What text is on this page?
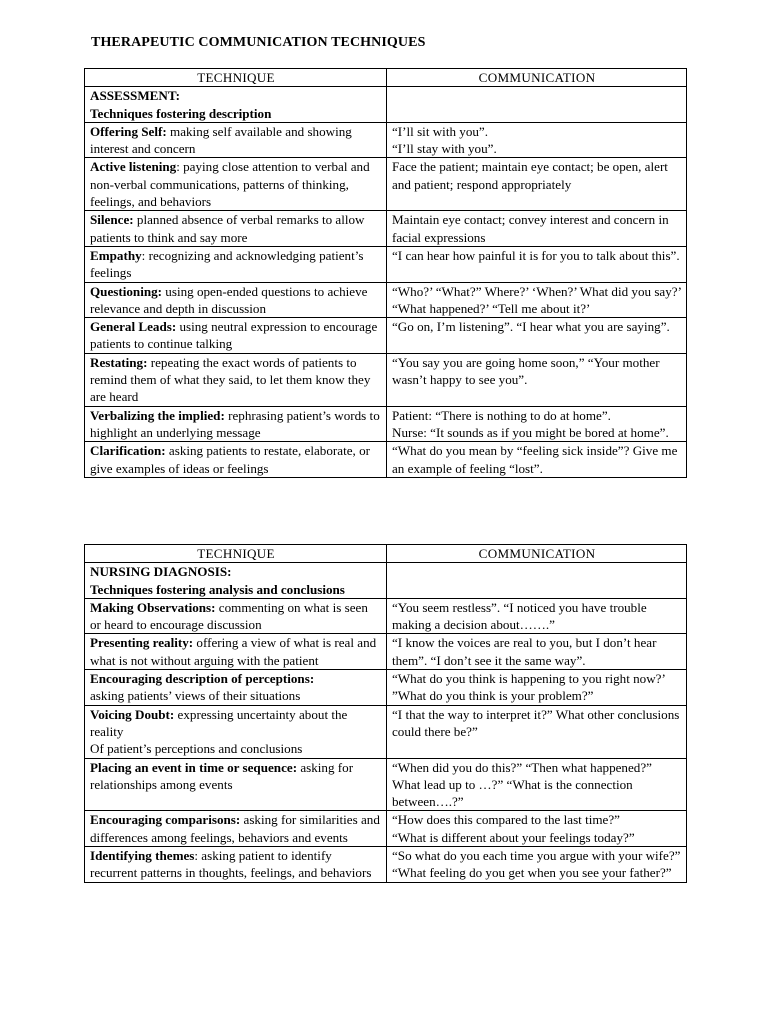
THERAPEUTIC COMMUNICATION TECHNIQUES
TECHNIQUE	COMMUNICATION

ASSESSMENT:
Techniques fostering description	

Offering Self: making self available and showing interest and concern	“I’ll sit with you”.
“I’ll stay with you”.

Active listening: paying close attention to verbal and non-verbal communications, patterns of thinking, feelings, and behaviors	Face the patient; maintain eye contact; be open, alert and patient; respond appropriately
Silence: planned absence of verbal remarks to allow patients to think and say more	Maintain eye contact; convey interest and concern in facial expressions
Empathy: recognizing and acknowledging patient’s feelings	“I can hear how painful it is for you to talk about this”.
Questioning: using open-ended questions to achieve relevance and depth in discussion	“Who?’ “What?” Where?’ ‘When?’ What did you say?’ “What happened?’ “Tell me about it?’
General Leads: using neutral expression to encourage patients to continue talking	“Go on, I’m listening”. “I hear what you are saying”.
Restating: repeating the exact words of patients to remind them of what they said, to let them know they are heard	“You say you are going home soon,” “Your mother wasn’t happy to see you”.
Verbalizing the implied: rephrasing patient’s words to highlight an underlying message	Patient: “There is nothing to do at home”.
Nurse: “It sounds as if you might be bored at home”.

Clarification: asking patients to restate, elaborate, or give examples of ideas or feelings	“What do you mean by “feeling sick inside”? Give me an example of feeling “lost”.
TECHNIQUE	COMMUNICATION

NURSING DIAGNOSIS:
Techniques fostering analysis and conclusions	

Making Observations: commenting on what is seen or heard to encourage discussion	“You seem restless”. “I noticed you have trouble making a decision about…….”
Presenting reality: offering a view of what is real and what is not without arguing with the patient	“I know the voices are real to you, but I don’t hear them”. “I don’t see it the same way”.
Encouraging description of perceptions:
asking patients’ views of their situations	“What do you think is happening to you right now?’ ”What do you think is your problem?”
Voicing Doubt: expressing uncertainty about the reality
Of patient’s perceptions and conclusions	“I that the way to interpret it?” What other conclusions could there be?”
Placing an event in time or sequence: asking for relationships among events	“When did you do this?” “Then what happened?” What lead up to …?” “What is the connection between….?”
Encouraging comparisons: asking for similarities and differences among feelings, behaviors and events	“How does this compared to the last time?”
“What is different about your feelings today?”

Identifying themes: asking patient to identify recurrent patterns in thoughts, feelings, and behaviors	“So what do you each time you argue with your wife?” “What feeling do you get when you see your father?”
